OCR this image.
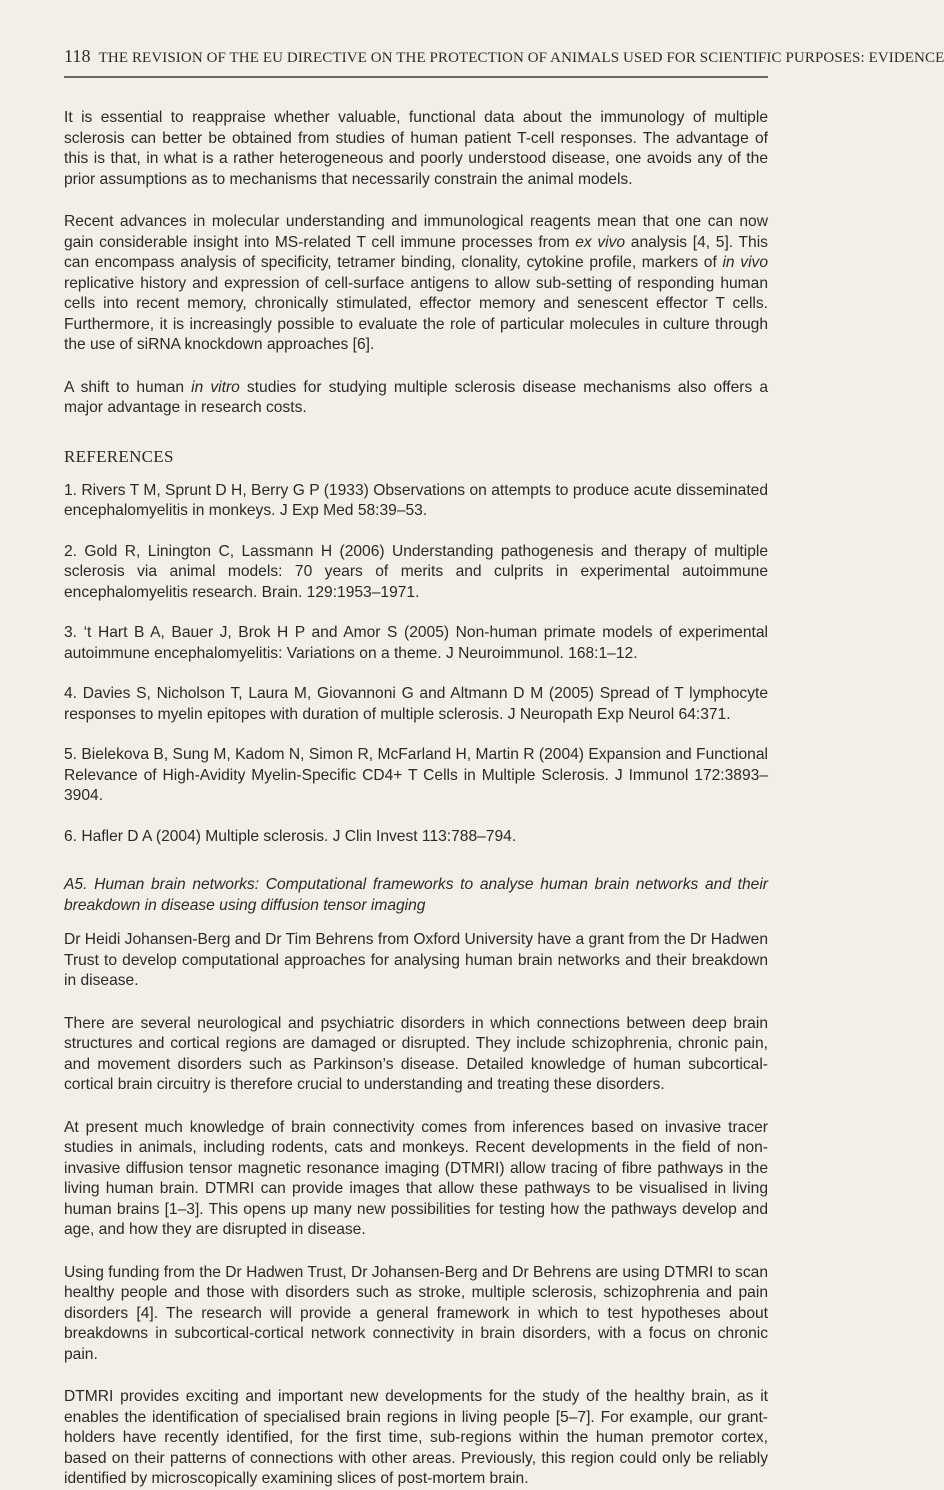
118 THE REVISION OF THE EU DIRECTIVE ON THE PROTECTION OF ANIMALS USED FOR SCIENTIFIC PURPOSES: EVIDENCE

It is essential to reappraise whether valuable, functional data about the immunology of multiple sclerosis can better be obtained from studies of human patient T-cell responses. The advantage of this is that, in what is a rather heterogeneous and poorly understood disease, one avoids any of the prior assumptions as to mechanisms that necessarily constrain the animal models.

Recent advances in molecular understanding and immunological reagents mean that one can now gain considerable insight into MS-related T cell immune processes from ex vivo analysis [4, 5]. This can encompass analysis of specificity, tetramer binding, clonality, cytokine profile, markers of in vivo replicative history and expression of cell-surface antigens to allow sub-setting of responding human cells into recent memory, chronically stimulated, effector memory and senescent effector T cells. Furthermore, it is increasingly possible to evaluate the role of particular molecules in culture through the use of siRNA knockdown approaches [6].

A shift to human in vitro studies for studying multiple sclerosis disease mechanisms also offers a major advantage in research costs.

REFERENCES

1. Rivers T M, Sprunt D H, Berry G P (1933) Observations on attempts to produce acute disseminated encephalomyelitis in monkeys. J Exp Med 58:39–53.

2. Gold R, Linington C, Lassmann H (2006) Understanding pathogenesis and therapy of multiple sclerosis via animal models: 70 years of merits and culprits in experimental autoimmune encephalomyelitis research. Brain. 129:1953–1971.

3. ‘t Hart B A, Bauer J, Brok H P and Amor S (2005) Non-human primate models of experimental autoimmune encephalomyelitis: Variations on a theme. J Neuroimmunol. 168:1–12.

4. Davies S, Nicholson T, Laura M, Giovannoni G and Altmann D M (2005) Spread of T lymphocyte responses to myelin epitopes with duration of multiple sclerosis. J Neuropath Exp Neurol 64:371.

5. Bielekova B, Sung M, Kadom N, Simon R, McFarland H, Martin R (2004) Expansion and Functional Relevance of High-Avidity Myelin-Specific CD4+ T Cells in Multiple Sclerosis. J Immunol 172:3893–3904.

6. Hafler D A (2004) Multiple sclerosis. J Clin Invest 113:788–794.

A5. Human brain networks: Computational frameworks to analyse human brain networks and their breakdown in disease using diffusion tensor imaging

Dr Heidi Johansen-Berg and Dr Tim Behrens from Oxford University have a grant from the Dr Hadwen Trust to develop computational approaches for analysing human brain networks and their breakdown in disease.

There are several neurological and psychiatric disorders in which connections between deep brain structures and cortical regions are damaged or disrupted. They include schizophrenia, chronic pain, and movement disorders such as Parkinson’s disease. Detailed knowledge of human subcortical-cortical brain circuitry is therefore crucial to understanding and treating these disorders.

At present much knowledge of brain connectivity comes from inferences based on invasive tracer studies in animals, including rodents, cats and monkeys. Recent developments in the field of non-invasive diffusion tensor magnetic resonance imaging (DTMRI) allow tracing of fibre pathways in the living human brain. DTMRI can provide images that allow these pathways to be visualised in living human brains [1–3]. This opens up many new possibilities for testing how the pathways develop and age, and how they are disrupted in disease.

Using funding from the Dr Hadwen Trust, Dr Johansen-Berg and Dr Behrens are using DTMRI to scan healthy people and those with disorders such as stroke, multiple sclerosis, schizophrenia and pain disorders [4]. The research will provide a general framework in which to test hypotheses about breakdowns in subcortical-cortical network connectivity in brain disorders, with a focus on chronic pain.

DTMRI provides exciting and important new developments for the study of the healthy brain, as it enables the identification of specialised brain regions in living people [5–7]. For example, our grant-holders have recently identified, for the first time, sub-regions within the human premotor cortex, based on their patterns of connections with other areas. Previously, this region could only be reliably identified by microscopically examining slices of post-mortem brain.
